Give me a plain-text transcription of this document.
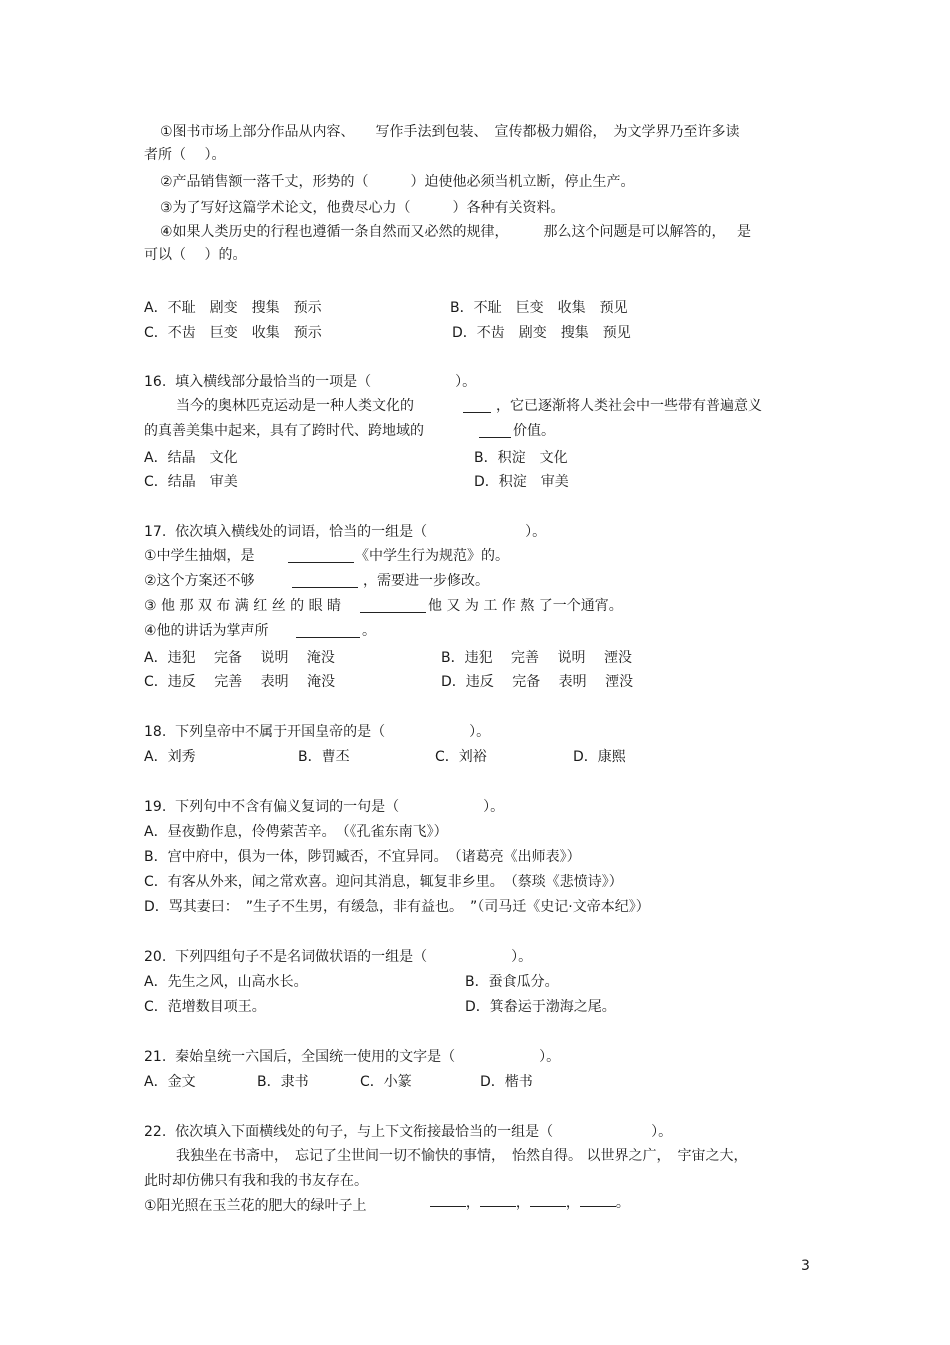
①图书市场上部分作品从内容、　　写作手法到包装、　宣传都极力媚俗，　为文学界乃至许多读
者所（　 ）。
②产品销售额一落千丈，形势的（　　　）迫使他必须当机立断，停止生产。
③为了写好这篇学术论文，他费尽心力（　　　）各种有关资料。
④如果人类历史的行程也遵循一条自然而又必然的规律，　　　那么这个问题是可以解答的，　 是
可以（　 ）的。
A．不耻　剧变　搜集　预示	B．不耻　巨变　收集　预见
C．不齿　巨变　收集　预示	D．不齿　剧变　搜集　预见
16.  填入横线部分最恰当的一项是（　　　　　　）。
当今的奥林匹克运动是一种人类文化的	，它已逐渐将人类社会中一些带有普遍意义
的真善美集中起来，具有了跨时代、跨地域的	价值。
A．结晶　文化	B．积淀　文化
C．结晶　审美	D．积淀　审美
17.  依次填入横线处的词语，恰当的一组是（　　　　　　　）。
①中学生抽烟，是	《中学生行为规范》的。
②这个方案还不够	，需要进一步修改。
③ 他 那 双 布 满 红 丝 的 眼 睛	他 又 为 工 作 熬 了一个通宵。
④他的讲话为掌声所	。
A．违犯　 完备　 说明　 淹没	B．违犯　 完善　 说明　 湮没
C．违反　 完善　 表明　 淹没	D．违反　 完备　 表明　 湮没
18.  下列皇帝中不属于开国皇帝的是（　　　　　　）。
A．刘秀	B．曹丕	C．刘裕	D．康熙
19.  下列句中不含有偏义复词的一句是（　　　　　　）。
A．昼夜勤作息，伶俜萦苦辛。　（《孔雀东南飞》）
B．宫中府中，俱为一体，陟罚臧否，不宜异同。　（诸葛亮《出师表》）
C．有客从外来，闻之常欢喜。迎问其消息，辄复非乡里。　（蔡琰《悲愤诗》）
D．骂其妻曰：　”生子不生男，有缓急，非有益也。　”（司马迁《史记·文帝本纪》）
20.  下列四组句子不是名词做状语的一组是（　　　　　　）。
A．先生之风，山高水长。	B．蚕食瓜分。
C．范增数目项王。	D．箕畚运于渤海之尾。
21.  秦始皇统一六国后，全国统一使用的文字是（　　　　　　）。
A．金文	B．隶书	C．小篆	D．楷书
22.  依次填入下面横线处的句子，与上下文衔接最恰当的一组是（　　　　　　　）。
我独坐在书斋中，　忘记了尘世间一切不愉快的事情，　怡然自得。 以世界之广，　宇宙之大，
此时却仿佛只有我和我的书友存在。

，	，	，	。

①阳光照在玉兰花的肥大的绿叶子上
3
